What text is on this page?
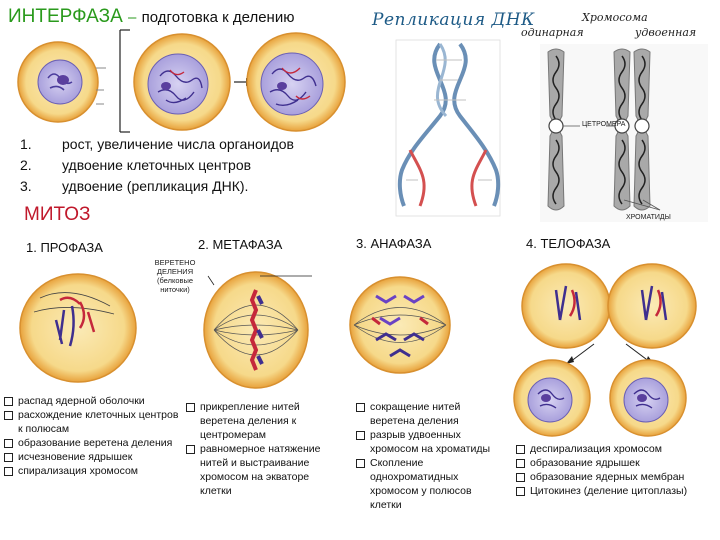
ИНТЕРФАЗА – подготовка к делению	Репликация ДНК	Хромосома
одинарная	удвоенная
ЦЕТРОМЕРА
ХРОМАТИДЫ
1. рост, увеличение числа органоидов
2. удвоение клеточных центров
3. удвоение (репликация ДНК).
МИТОЗ
1. ПРОФАЗА	2. МЕТАФАЗА	3. АНАФАЗА	4. ТЕЛОФАЗА
ВЕРЕТЕНО ДЕЛЕНИЯ (белковые ниточки)
распад ядерной оболочки
расхождение клеточных центров к полюсам
образование веретена деления
исчезновение ядрышек
спирализация хромосом
прикрепление нитей веретена деления к центромерам
равномерное натяжение нитей и выстраивание хромосом на экваторе клетки
сокращение нитей веретена деления
разрыв удвоенных хромосом на хроматиды
Скопление однохроматидных хромосом у полюсов клетки
деспирализация хромосом
образование ядрышек
образование ядерных мембран
Цитокинез (деление цитоплазы)
